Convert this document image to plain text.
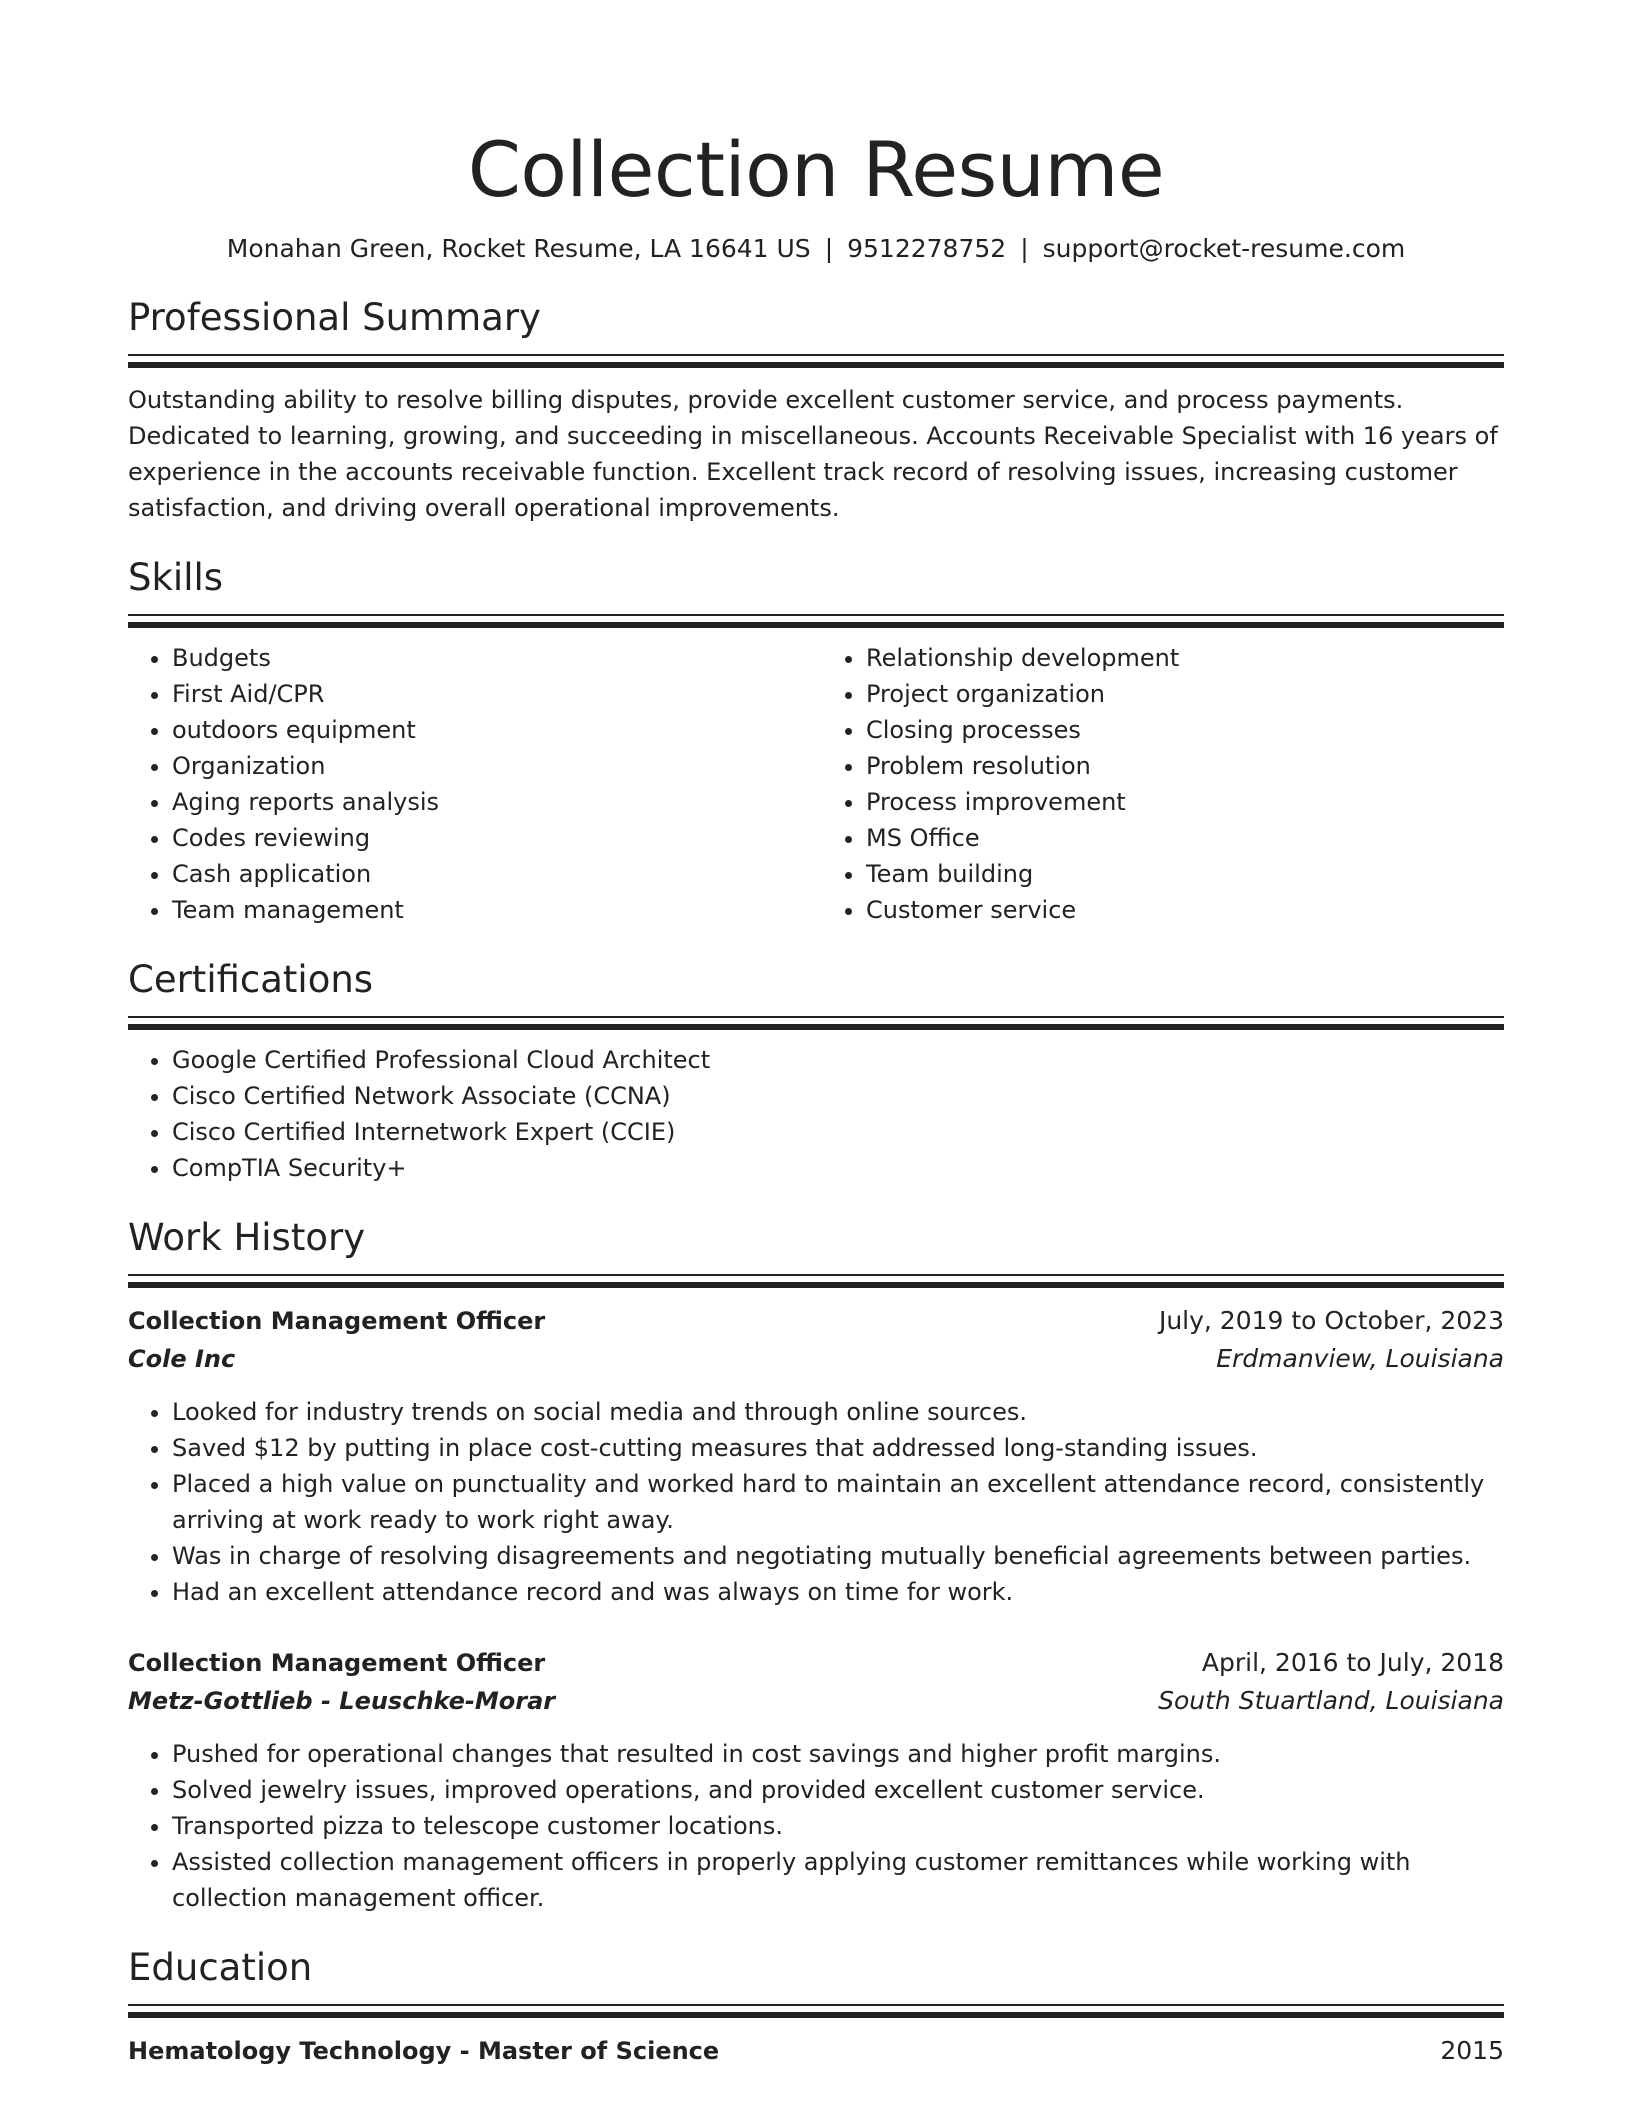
Collection Resume
Monahan Green, Rocket Resume, LA 16641 US | 9512278752 | support@rocket-resume.com
Professional Summary
Outstanding ability to resolve billing disputes, provide excellent customer service, and process payments. Dedicated to learning, growing, and succeeding in miscellaneous. Accounts Receivable Specialist with 16 years of experience in the accounts receivable function. Excellent track record of resolving issues, increasing customer satisfaction, and driving overall operational improvements.
Skills
• Budgets
• First Aid/CPR
• outdoors equipment
• Organization
• Aging reports analysis
• Codes reviewing
• Cash application
• Team management
• Relationship development
• Project organization
• Closing processes
• Problem resolution
• Process improvement
• MS Office
• Team building
• Customer service
Certifications
• Google Certified Professional Cloud Architect
• Cisco Certified Network Associate (CCNA)
• Cisco Certified Internetwork Expert (CCIE)
• CompTIA Security+
Work History
Collection Management Officer	July, 2019 to October, 2023
Cole Inc	Erdmanview, Louisiana
• Looked for industry trends on social media and through online sources.
• Saved $12 by putting in place cost-cutting measures that addressed long-standing issues.
• Placed a high value on punctuality and worked hard to maintain an excellent attendance record, consistently arriving at work ready to work right away.
• Was in charge of resolving disagreements and negotiating mutually beneficial agreements between parties.
• Had an excellent attendance record and was always on time for work.
Collection Management Officer	April, 2016 to July, 2018
Metz-Gottlieb - Leuschke-Morar	South Stuartland, Louisiana
• Pushed for operational changes that resulted in cost savings and higher profit margins.
• Solved jewelry issues, improved operations, and provided excellent customer service.
• Transported pizza to telescope customer locations.
• Assisted collection management officers in properly applying customer remittances while working with collection management officer.
Education
Hematology Technology - Master of Science	2015
